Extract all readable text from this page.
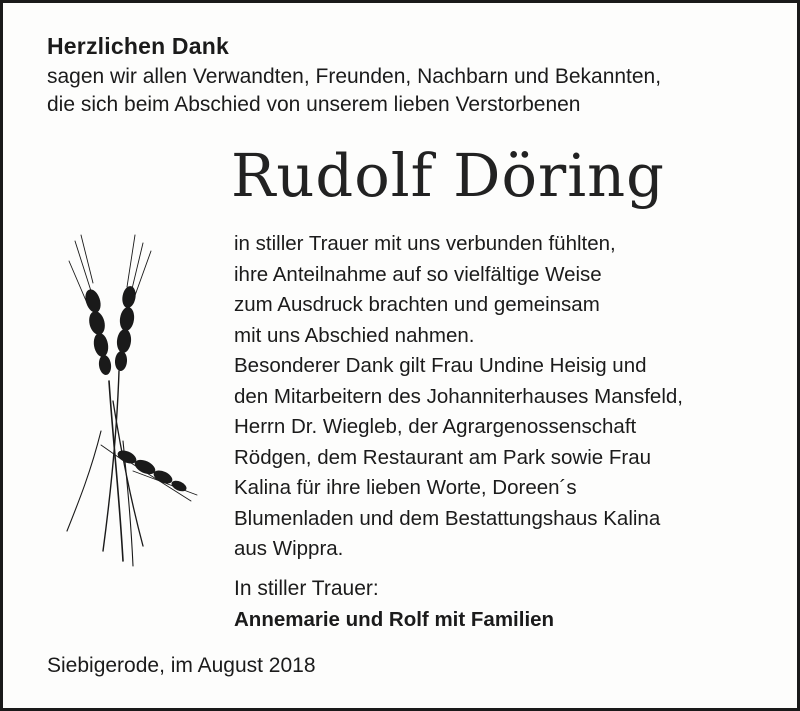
Herzlichen Dank
sagen wir allen Verwandten, Freunden, Nachbarn und Bekannten,
die sich beim Abschied von unserem lieben Verstorbenen
Rudolf Döring
in stiller Trauer mit uns verbunden fühlten,
ihre Anteilnahme auf so vielfältige Weise
zum Ausdruck brachten und gemeinsam
mit uns Abschied nahmen.
Besonderer Dank gilt Frau Undine Heisig und
den Mitarbeitern des Johanniterhauses Mansfeld,
Herrn Dr. Wiegleb, der Agrargenossenschaft
Rödgen, dem Restaurant am Park sowie Frau
Kalina für ihre lieben Worte, Doreen´s
Blumenladen und dem Bestattungshaus Kalina
aus Wippra.
In stiller Trauer:
Annemarie und Rolf mit Familien
Siebigerode, im August 2018
